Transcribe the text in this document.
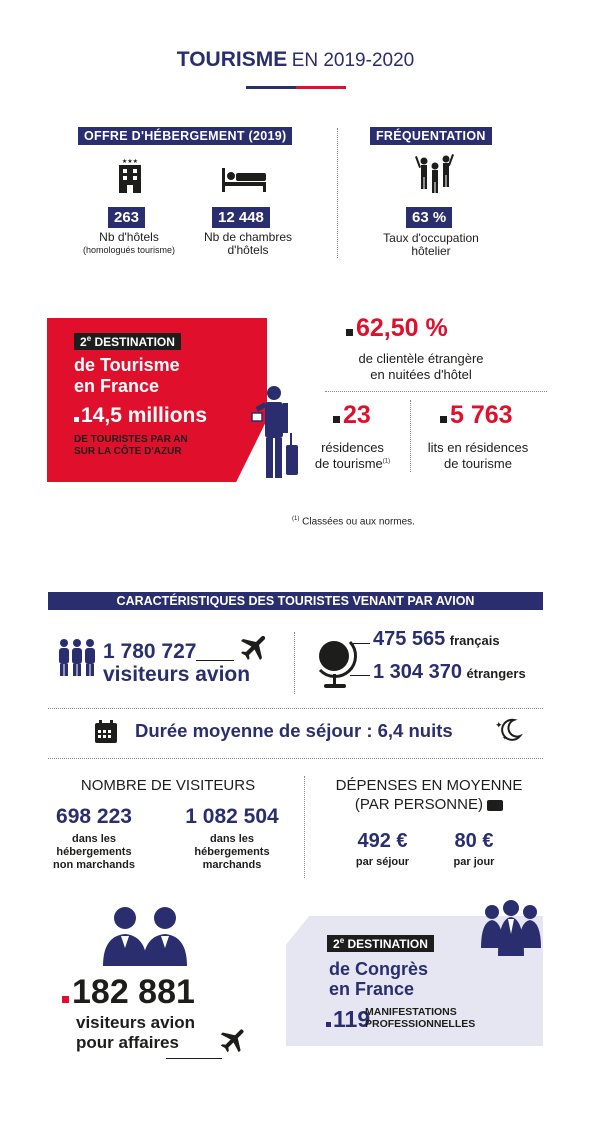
TOURISME EN 2019-2020
OFFRE D'HÉBERGEMENT (2019)
★★★
263
Nb d'hôtels
(homologués tourisme)
12 448
Nb de chambres
d'hôtels
FRÉQUENTATION
63 %
Taux d'occupation
hôtelier
2e DESTINATION
de Tourisme
en France
14,5 millions
DE TOURISTES PAR AN
SUR LA CÔTE D'AZUR
62,50 %
de clientèle étrangère
en nuitées d'hôtel
23
résidences
de tourisme$^{(1)}$
5 763
lits en résidences
de tourisme
$^{(1)}$ Classées ou aux normes.
CARACTÉRISTIQUES DES TOURISTES VENANT PAR AVION
1 780 727
visiteurs avion
475 565 français
1 304 370 étrangers
Durée moyenne de séjour : 6,4 nuits	✦
✦
NOMBRE DE VISITEURS
698 223
dans les
hébergements
non marchands
1 082 504
dans les
hébergements
marchands
DÉPENSES EN MOYENNE
(PAR PERSONNE)
492 €
par séjour
80 €
par jour
182 881
visiteurs avion
pour affaires
2e DESTINATION
de Congrès
en France
119
MANIFESTATIONS
PROFESSIONNELLES
